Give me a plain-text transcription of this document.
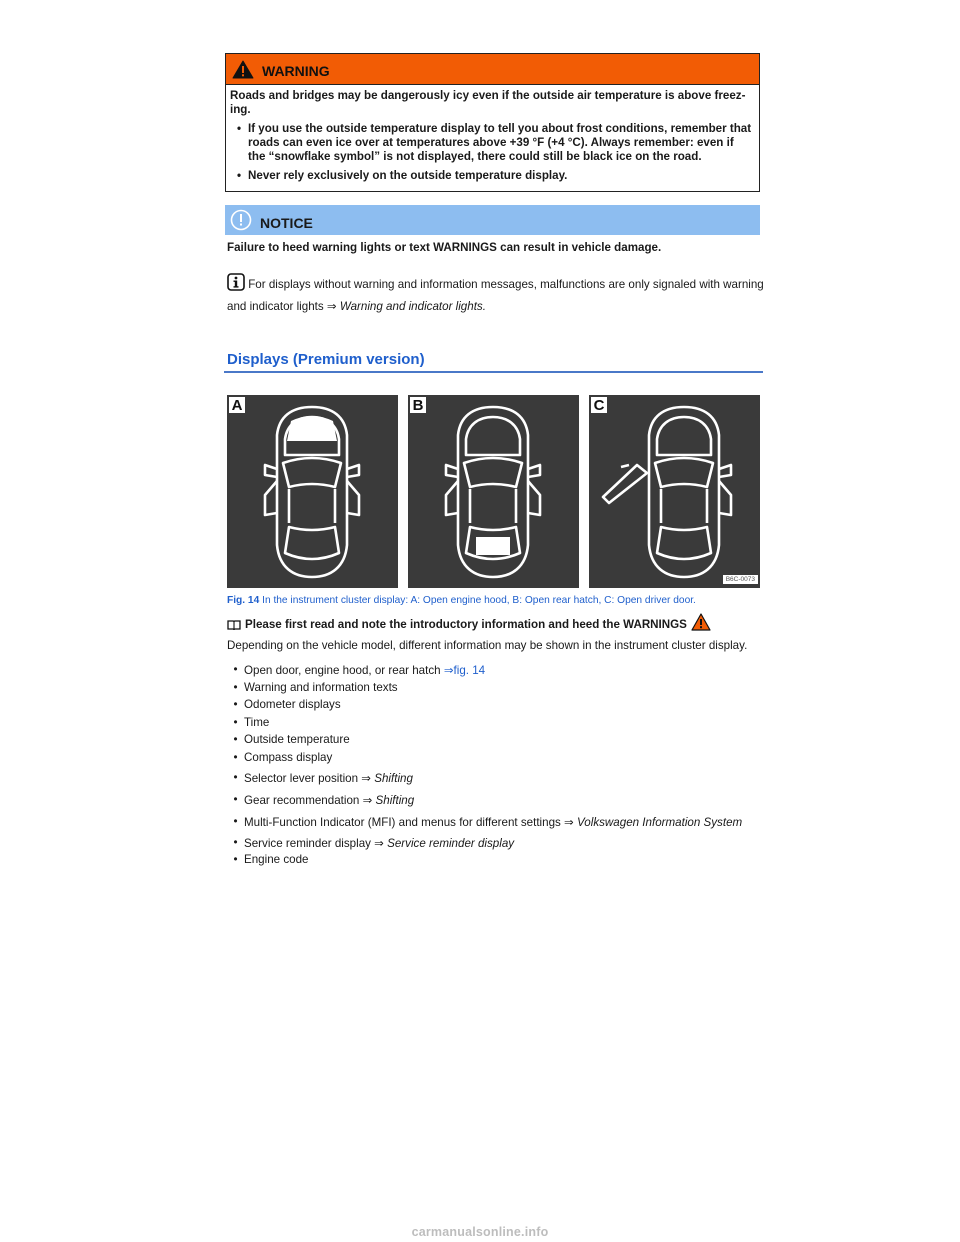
WARNING

Roads and bridges may be dangerously icy even if the outside air temperature is above freez-ing.

• If you use the outside temperature display to tell you about frost conditions, remember that roads can even ice over at temperatures above +39 °F (+4 °C). Always remember: even if the “snowflake symbol” is not displayed, there could still be black ice on the road.
• Never rely exclusively on the outside temperature display.
NOTICE
Failure to heed warning lights or text WARNINGS can result in vehicle damage.
For displays without warning and information messages, malfunctions are only signaled with warning and indicator lights ⇒ Warning and indicator lights.
Displays (Premium version)
A	B	C
B6C-0073
Fig. 14 In the instrument cluster display: A: Open engine hood, B: Open rear hatch, C: Open driver door.
Please first read and note the introductory information and heed the WARNINGS
Depending on the vehicle model, different information may be shown in the instrument cluster display.
• Open door, engine hood, or rear hatch ⇒fig. 14
• Warning and information texts
• Odometer displays
• Time
• Outside temperature
• Compass display
• Selector lever position ⇒ Shifting
• Gear recommendation ⇒ Shifting
• Multi-Function Indicator (MFI) and menus for different settings ⇒ Volkswagen Information System
• Service reminder display ⇒ Service reminder display
• Engine code
carmanualsonline.info
